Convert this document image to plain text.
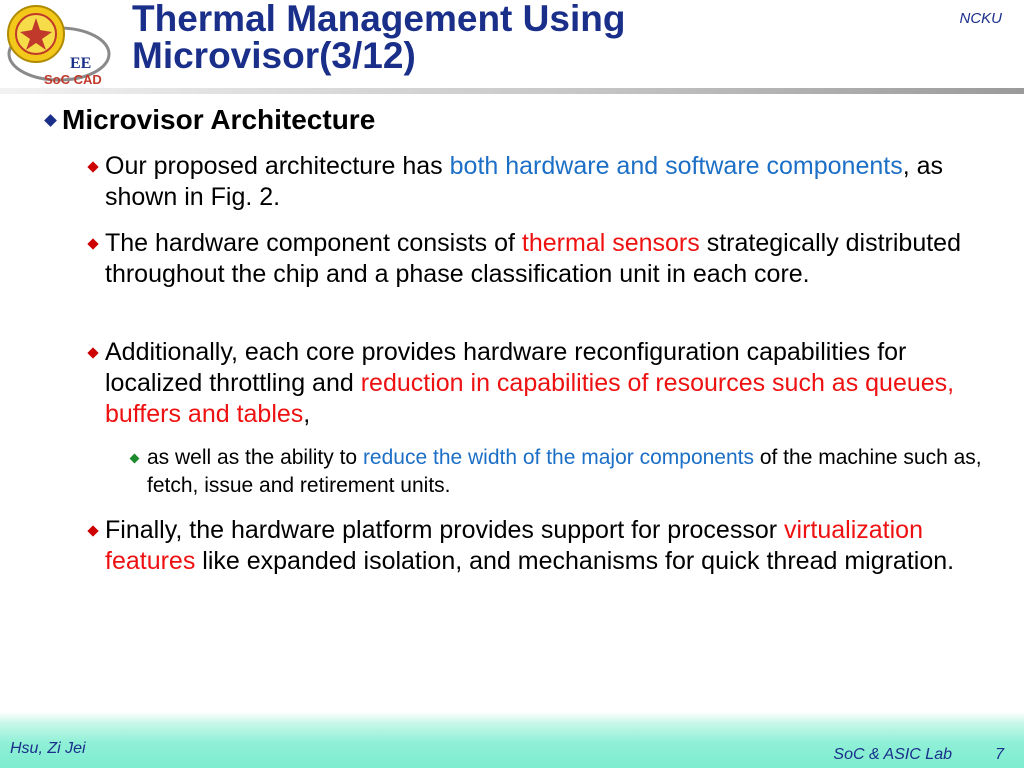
EE
SoC CAD
Thermal Management Using
Microvisor(3/12)
NCKU
Microvisor Architecture
Our proposed architecture has both hardware and software components, as shown in Fig. 2.
The hardware component consists of thermal sensors strategically distributed throughout the chip and a phase classification unit in each core.
Additionally, each core provides hardware reconfiguration capabilities for localized throttling and reduction in capabilities of resources such as queues, buffers and tables,
as well as the ability to reduce the width of the major components of the machine such as, fetch, issue and retirement units.
Finally, the hardware platform provides support for processor virtualization features like expanded isolation, and mechanisms for quick thread migration.
Hsu, Zi Jei	SoC & ASIC Lab	7
